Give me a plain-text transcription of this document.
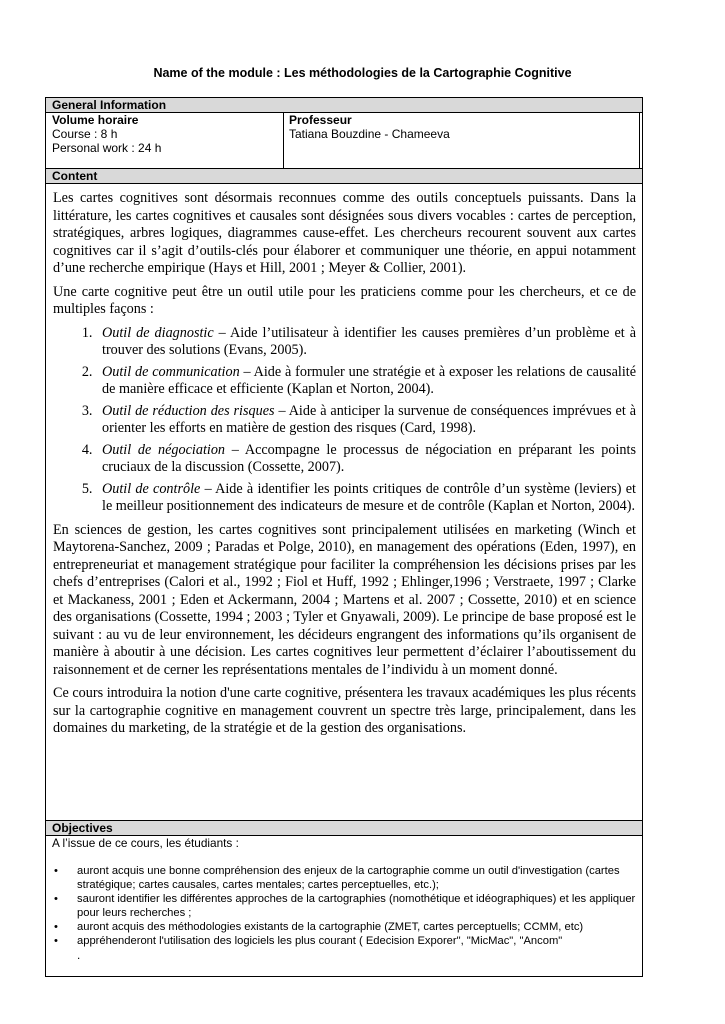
Name of the module : Les méthodologies de la Cartographie Cognitive
General Information
Volume horaire
Course : 8 h
Personal work : 24 h
Professeur
Tatiana Bouzdine - Chameeva
Content

Les cartes cognitives sont désormais reconnues comme des outils conceptuels puissants. Dans la littérature, les cartes cognitives et causales sont désignées sous divers vocables : cartes de perception, stratégiques, arbres logiques, diagrammes cause-effet. Les chercheurs recourent souvent aux cartes cognitives car il s’agit d’outils-clés pour élaborer et communiquer une théorie, en appui notamment d’une recherche empirique (Hays et Hill, 2001 ; Meyer & Collier, 2001).

Une carte cognitive peut être un outil utile pour les praticiens comme pour les chercheurs, et ce de multiples façons :

1. Outil de diagnostic – Aide l’utilisateur à identifier les causes premières d’un problème et à trouver des solutions (Evans, 2005).
2. Outil de communication – Aide à formuler une stratégie et à exposer les relations de causalité de manière efficace et efficiente (Kaplan et Norton, 2004).
3. Outil de réduction des risques – Aide à anticiper la survenue de conséquences imprévues et à orienter les efforts en matière de gestion des risques (Card, 1998).
4. Outil de négociation – Accompagne le processus de négociation en préparant les points cruciaux de la discussion (Cossette, 2007).
5. Outil de contrôle – Aide à identifier les points critiques de contrôle d’un système (leviers) et le meilleur positionnement des indicateurs de mesure et de contrôle (Kaplan et Norton, 2004).

En sciences de gestion, les cartes cognitives sont principalement utilisées en marketing (Winch et Maytorena-Sanchez, 2009 ; Paradas et Polge, 2010), en management des opérations (Eden, 1997), en entrepreneuriat et management stratégique pour faciliter la compréhension les décisions prises par les chefs d’entreprises (Calori et al., 1992 ; Fiol et Huff, 1992 ; Ehlinger,1996 ; Verstraete, 1997 ; Clarke et Mackaness, 2001 ; Eden et Ackermann, 2004 ; Martens et al. 2007 ; Cossette, 2010) et en science des organisations (Cossette, 1994 ; 2003 ; Tyler et Gnyawali, 2009). Le principe de base proposé est le suivant : au vu de leur environnement, les décideurs engrangent des informations qu’ils organisent de manière à aboutir à une décision. Les cartes cognitives leur permettent d’éclairer l’aboutissement du raisonnement et de cerner les représentations mentales de l’individu à un moment donné.

Ce cours introduira la notion d'une carte cognitive, présentera les travaux académiques les plus récents sur la cartographie cognitive en management couvrent un spectre très large, principalement, dans les domaines du marketing, de la stratégie et de la gestion des organisations.

Objectives
A l’issue de ce cours, les étudiants :
• auront acquis une bonne compréhension des enjeux de la cartographie comme un outil d'investigation (cartes stratégique; cartes causales, cartes mentales; cartes perceptuelles, etc.);
• sauront identifier les différentes approches de la cartographies (nomothétique et idéographiques) et les appliquer pour leurs recherches ;
• auront acquis des méthodologies existants de la cartographie (ZMET, cartes perceptuells; CCMM, etc)
• appréhenderont l'utilisation des logiciels les plus courant ( Edecision Exporer", "MicMac", "Ancom"
.
